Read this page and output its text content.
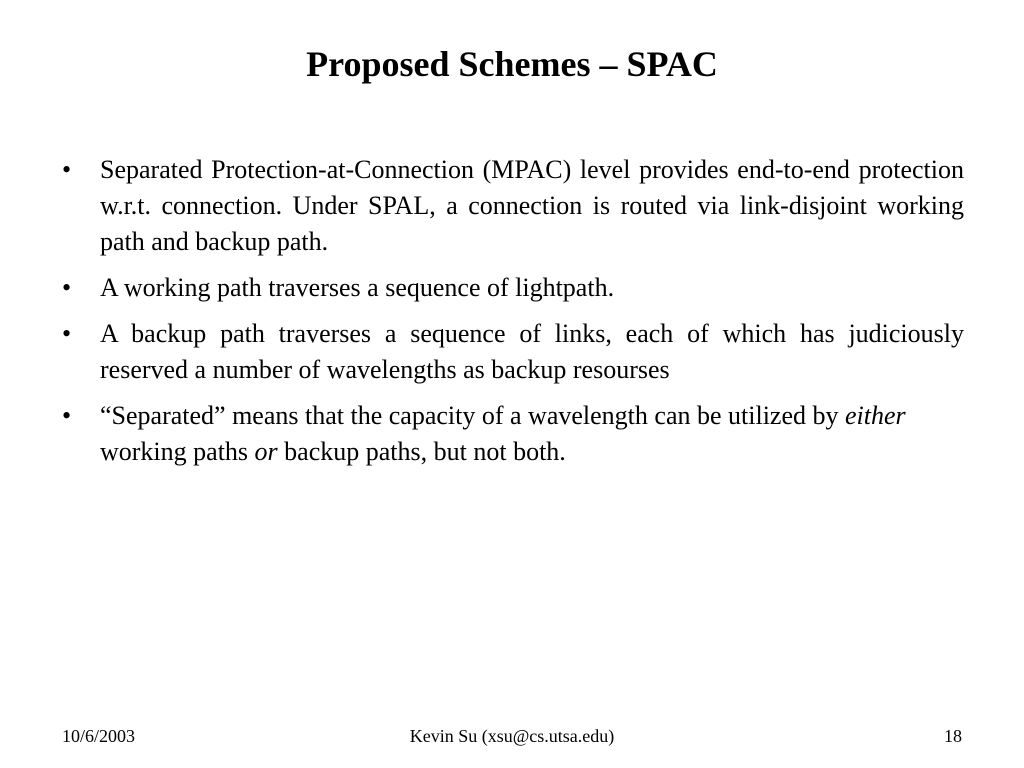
Proposed Schemes – SPAC
• Separated Protection-at-Connection (MPAC) level provides end-to-end protection w.r.t. connection. Under SPAL, a connection is routed via link-disjoint working path and backup path.
• A working path traverses a sequence of lightpath.
• A backup path traverses a sequence of links, each of which has judiciously reserved a number of wavelengths as backup resourses
• “Separated” means that the capacity of a wavelength can be utilized by either working paths or backup paths, but not both.
10/6/2003	Kevin Su (xsu@cs.utsa.edu)	18
